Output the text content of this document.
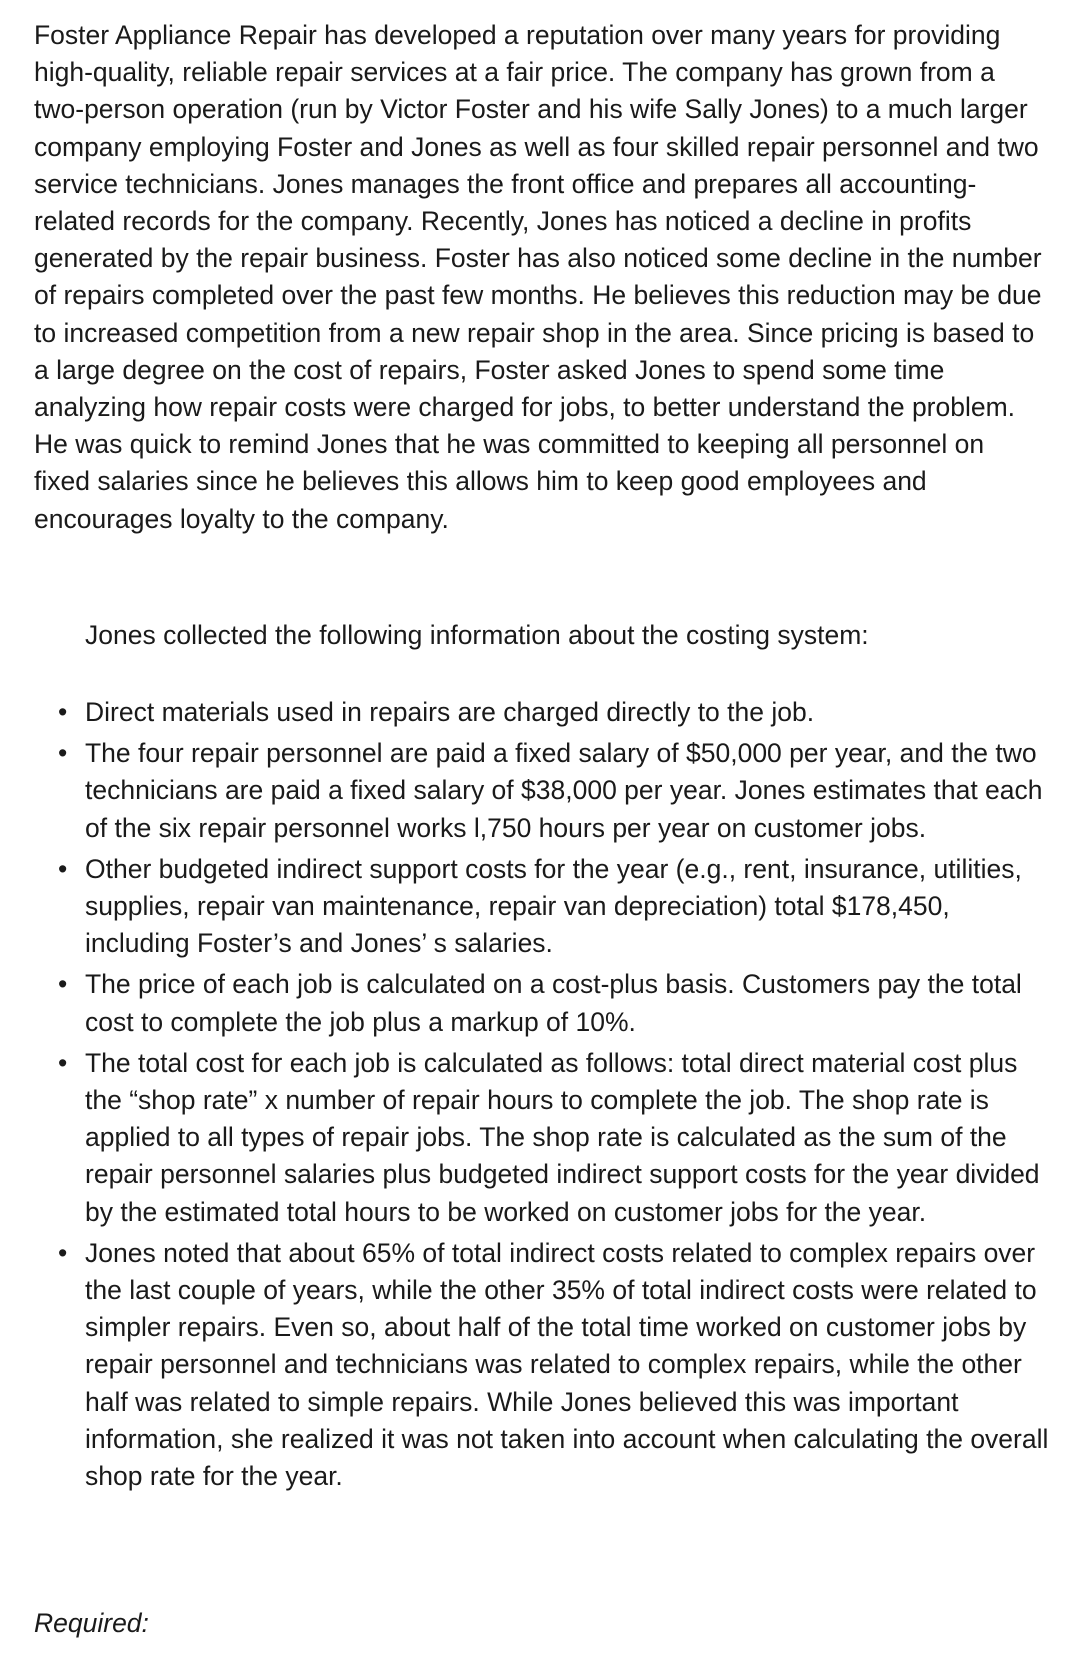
Foster Appliance Repair has developed a reputation over many years for providing high-quality, reliable repair services at a fair price. The company has grown from a two-person operation (run by Victor Foster and his wife Sally Jones) to a much larger company employing Foster and Jones as well as four skilled repair personnel and two service technicians. Jones manages the front office and prepares all accounting-related records for the company. Recently, Jones has noticed a decline in profits generated by the repair business. Foster has also noticed some decline in the number of repairs completed over the past few months. He believes this reduction may be due to increased competition from a new repair shop in the area. Since pricing is based to a large degree on the cost of repairs, Foster asked Jones to spend some time analyzing how repair costs were charged for jobs, to better understand the problem. He was quick to remind Jones that he was committed to keeping all personnel on fixed salaries since he believes this allows him to keep good employees and encourages loyalty to the company.

Jones collected the following information about the costing system:

• Direct materials used in repairs are charged directly to the job.
• The four repair personnel are paid a fixed salary of $50,000 per year, and the two technicians are paid a fixed salary of $38,000 per year. Jones estimates that each of the six repair personnel works l,750 hours per year on customer jobs.
• Other budgeted indirect support costs for the year (e.g., rent, insurance, utilities, supplies, repair van maintenance, repair van depreciation) total $178,450, including Foster’s and Jones’ s salaries.
• The price of each job is calculated on a cost-plus basis. Customers pay the total cost to complete the job plus a markup of 10%.
• The total cost for each job is calculated as follows: total direct material cost plus the “shop rate” x number of repair hours to complete the job. The shop rate is applied to all types of repair jobs. The shop rate is calculated as the sum of the repair personnel salaries plus budgeted indirect support costs for the year divided by the estimated total hours to be worked on customer jobs for the year.
• Jones noted that about 65% of total indirect costs related to complex repairs over the last couple of years, while the other 35% of total indirect costs were related to simpler repairs. Even so, about half of the total time worked on customer jobs by repair personnel and technicians was related to complex repairs, while the other half was related to simple repairs. While Jones believed this was important information, she realized it was not taken into account when calculating the overall shop rate for the year.

Required:
